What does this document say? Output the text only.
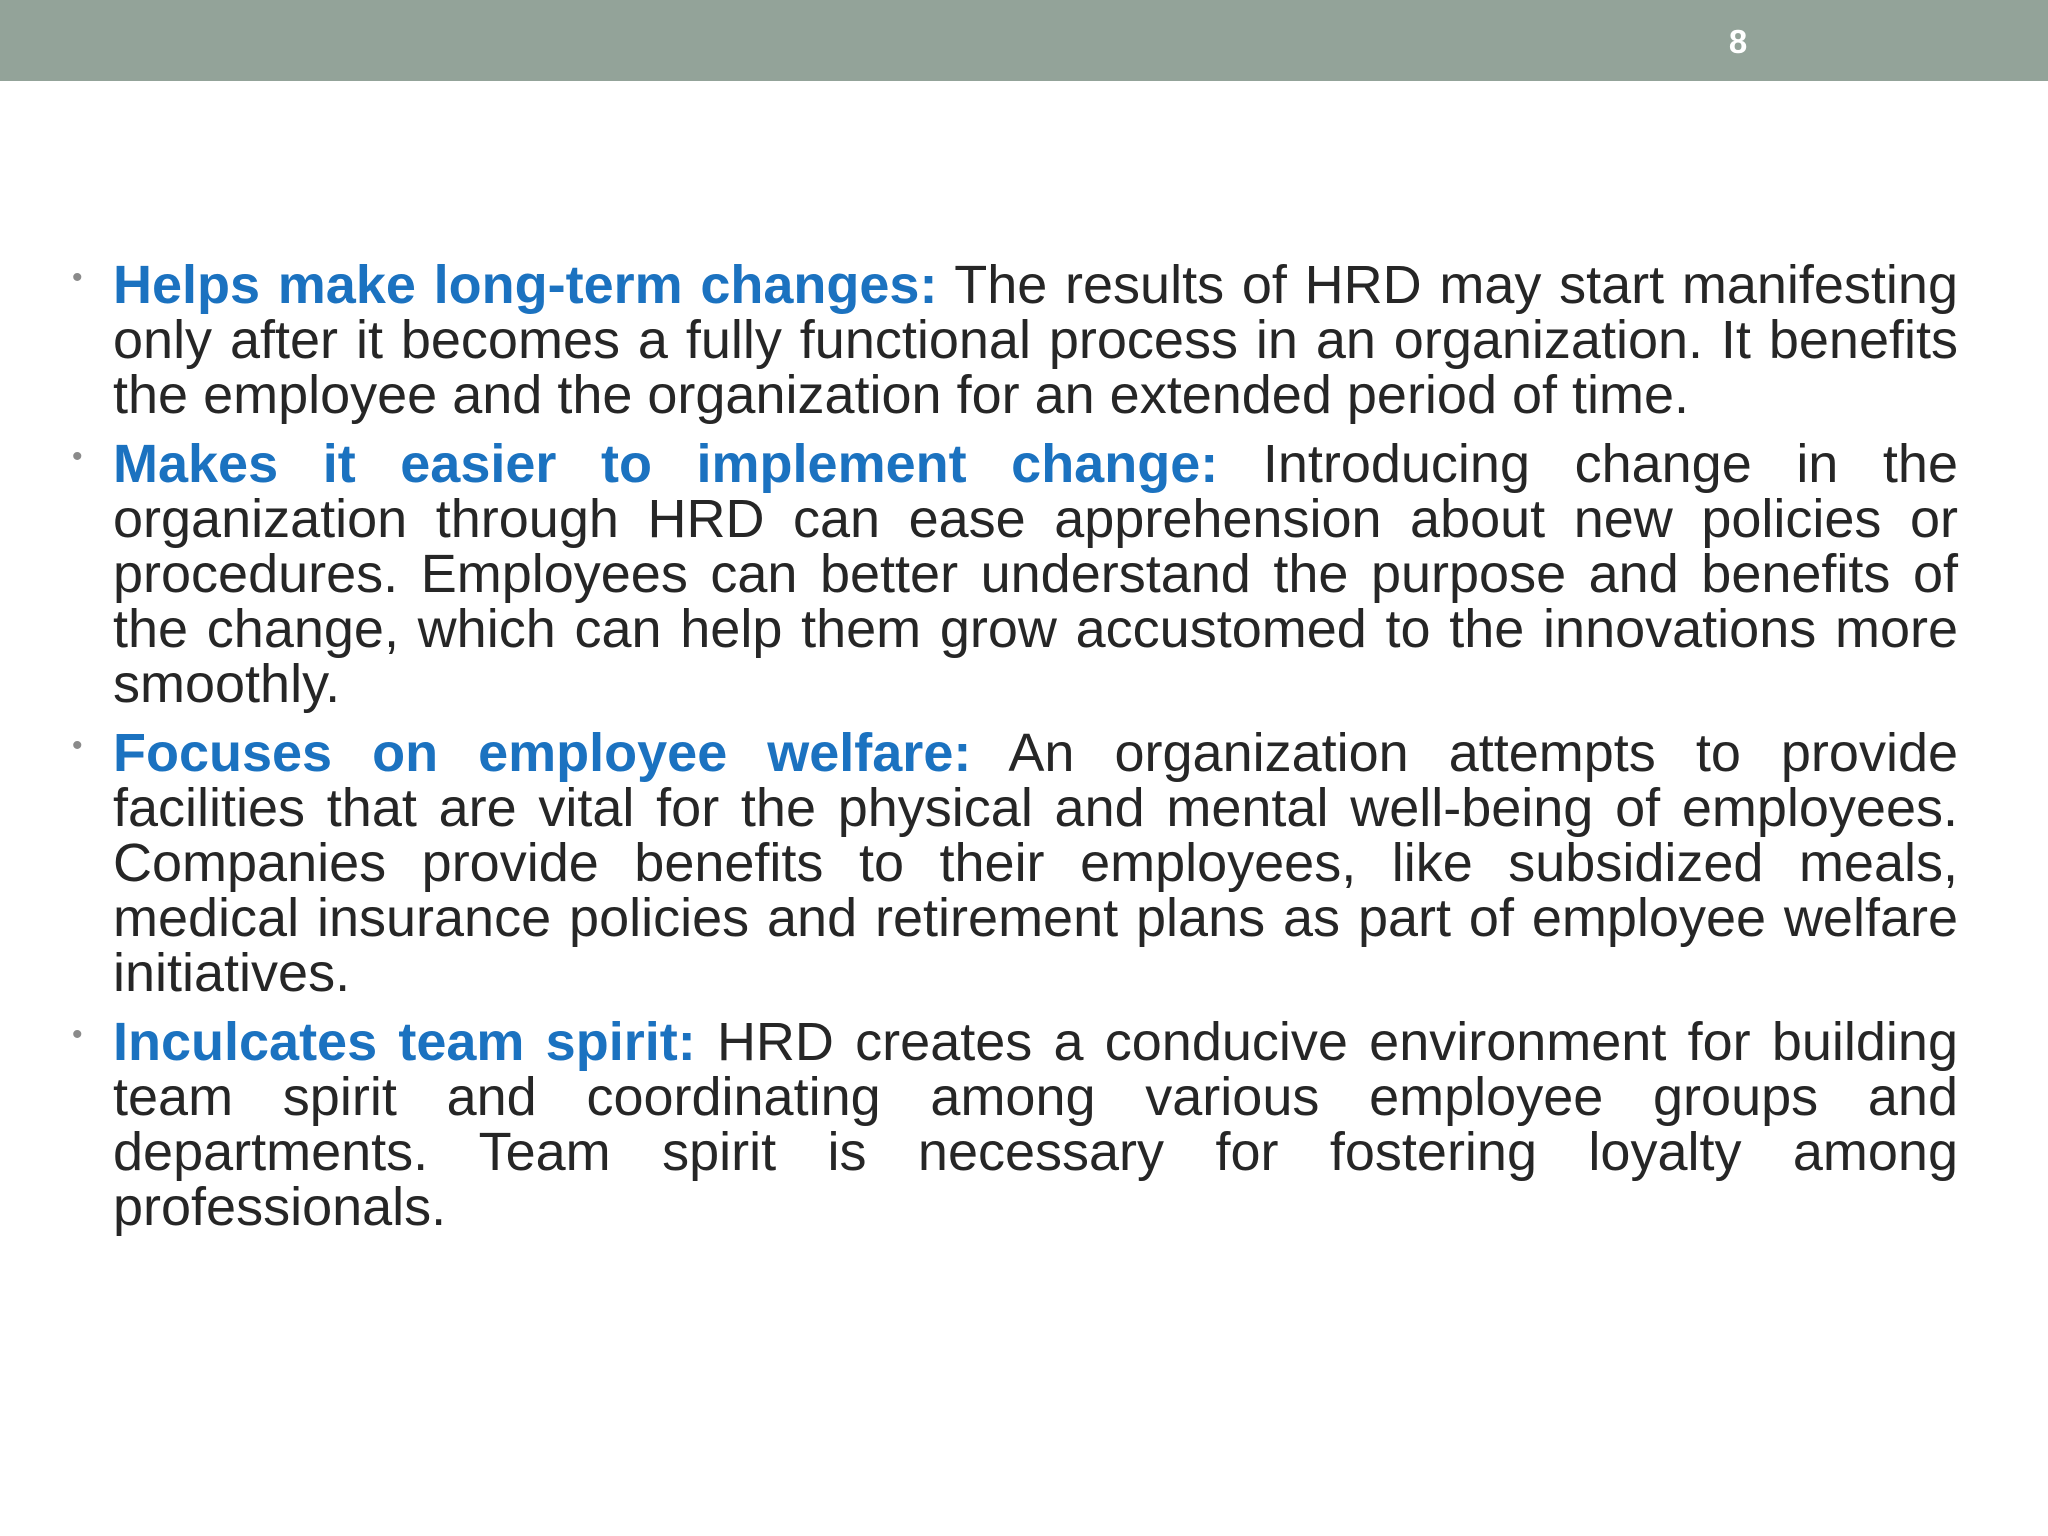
8
• Helps make long-term changes: The results of HRD may start manifesting only after it becomes a fully functional process in an organization. It benefits the employee and the organization for an extended period of time.
• Makes it easier to implement change: Introducing change in the organization through HRD can ease apprehension about new policies or procedures. Employees can better understand the purpose and benefits of the change, which can help them grow accustomed to the innovations more smoothly.
• Focuses on employee welfare: An organization attempts to provide facilities that are vital for the physical and mental well-being of employees. Companies provide benefits to their employees, like subsidized meals, medical insurance policies and retirement plans as part of employee welfare initiatives.
• Inculcates team spirit: HRD creates a conducive environment for building team spirit and coordinating among various employee groups and departments. Team spirit is necessary for fostering loyalty among professionals.
